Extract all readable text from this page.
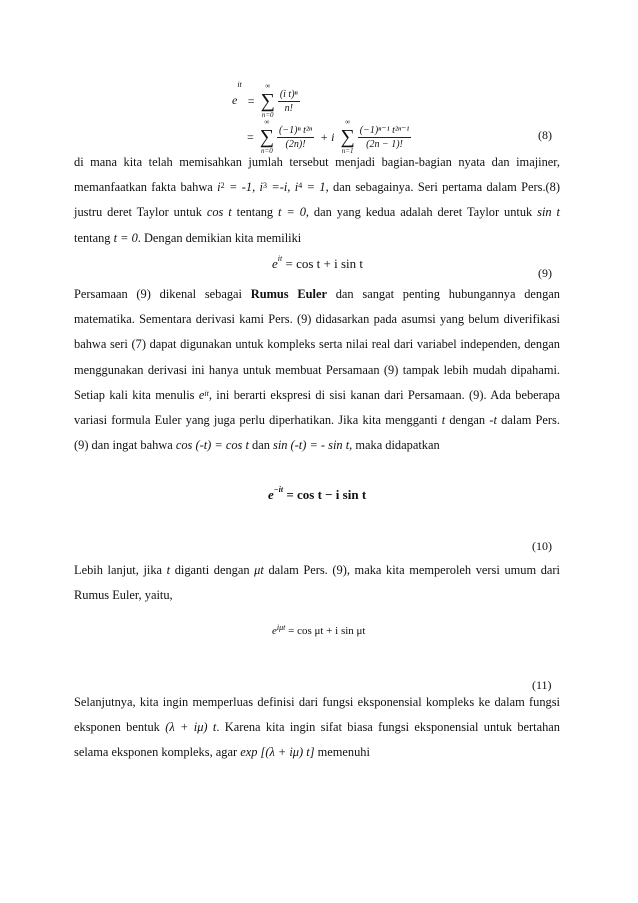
$e^{it}$ =
∞
∑
n=0

$\frac{\text{(i t)ⁿ}}{n!}$
=
∞
∑
n=0

$\frac{\text{(−1)ⁿ t²ⁿ}}{(2n)!} + i$
∞
∑
n=1

$\frac{\text{(−1)ⁿ⁻¹ t²ⁿ⁻¹}}{(2n - 1)!}$	(8)
di mana kita telah memisahkan jumlah tersebut menjadi bagian-bagian nyata dan imajiner, memanfaatkan fakta bahwa $i^2 = -1$, $i^3 =-i$, $i^4 = 1$, dan sebagainya. Seri pertama dalam Pers.(8) justru deret Taylor untuk cos t tentang t = 0, dan yang kedua adalah deret Taylor untuk sin t tentang t = 0. Dengan demikian kita memiliki
$e^{it} = \cos t + i$ sin t
(9)
Persamaan (9) dikenal sebagai Rumus Euler dan sangat penting hubungannya dengan matematika. Sementara derivasi kami Pers. (9) didasarkan pada asumsi yang belum diverifikasi bahwa seri (7) dapat digunakan untuk kompleks serta nilai real dari variabel independen, dengan menggunakan derivasi ini hanya untuk membuat Persamaan (9) tampak lebih mudah dipahami. Setiap kali kita menulis $e^{it}$, ini berarti ekspresi di sisi kanan dari Persamaan. (9). Ada beberapa variasi formula Euler yang juga perlu diperhatikan. Jika kita mengganti t dengan -t dalam Pers. (9) dan ingat bahwa cos (-t) = cos t dan sin (-t) = - sin t, maka didapatkan
$e^{-it} = \cos t - i$ sin t
(10)
Lebih lanjut, jika t diganti dengan μt dalam Pers. (9), maka kita memperoleh versi umum dari Rumus Euler, yaitu,
$e^{i\mu t} = \cos \mu t + i$ sin μt
(11)
Selanjutnya, kita ingin memperluas definisi dari fungsi eksponensial kompleks ke dalam fungsi eksponen bentuk (λ + iμ) t. Karena kita ingin sifat biasa fungsi eksponensial untuk bertahan selama eksponen kompleks, agar exp [(λ + iμ) t] memenuhi
